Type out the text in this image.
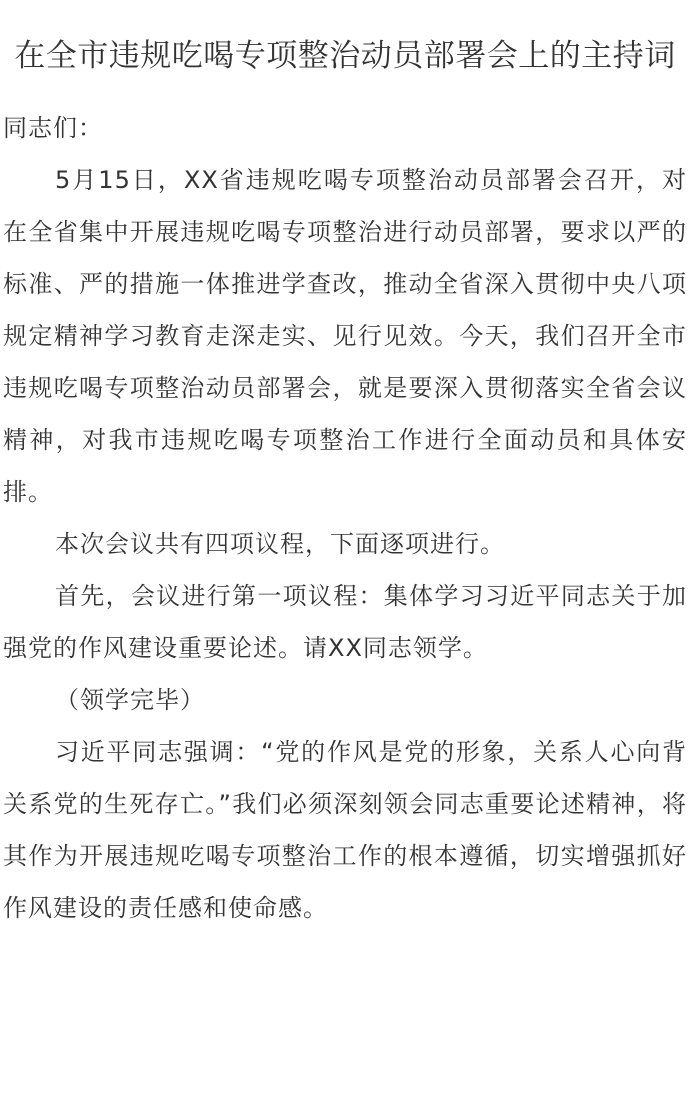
在全市违规吃喝专项整治动员部署会上的主持词

同志们：

5月15日，XX省违规吃喝专项整治动员部署会召开，对在全省集中开展违规吃喝专项整治进行动员部署，要求以严的标准、严的措施一体推进学查改，推动全省深入贯彻中央八项规定精神学习教育走深走实、见行见效。今天，我们召开全市违规吃喝专项整治动员部署会，就是要深入贯彻落实全省会议精神，对我市违规吃喝专项整治工作进行全面动员和具体安排。

本次会议共有四项议程，下面逐项进行。

首先，会议进行第一项议程：集体学习习近平同志关于加强党的作风建设重要论述。请XX同志领学。

（领学完毕）

习近平同志强调：“党的作风是党的形象，关系人心向背关系党的生死存亡。”我们必须深刻领会同志重要论述精神，将其作为开展违规吃喝专项整治工作的根本遵循，切实增强抓好作风建设的责任感和使命感。
